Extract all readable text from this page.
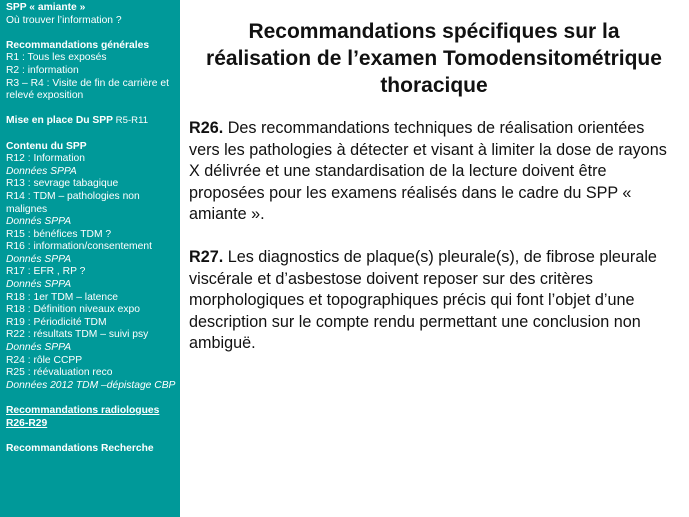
SPP « amiante »
Où trouver l’information ?
Recommandations générales
R1 : Tous les exposés
R2 : information
R3 – R4 : Visite de fin de carrière et relevé exposition
Mise en place Du SPP R5-R11
Contenu du SPP
R12 : Information
Données SPPA
R13 : sevrage tabagique
R14 : TDM – pathologies non malignes
Donnés SPPA
R15 : bénéfices TDM ?
R16 : information/consentement
Donnés SPPA
R17 : EFR , RP ?
Donnés SPPA
R18 : 1er TDM – latence
R18 : Définition niveaux expo
R19 : Périodicité TDM
R22 : résultats TDM – suivi psy
Donnés SPPA
R24 : rôle CCPP
R25 : réévaluation reco
Données 2012 TDM –dépistage CBP
Recommandations radiologues R26-R29
Recommandations Recherche
Recommandations spécifiques sur la
réalisation de l’examen Tomodensitométrique
thoracique

R26. Des recommandations techniques de réalisation orientées vers les pathologies à détecter et visant à limiter la dose de rayons X délivrée et une standardisation de la lecture doivent être proposées pour les examens réalisés dans le cadre du SPP « amiante ».

R27. Les diagnostics de plaque(s) pleurale(s), de fibrose pleurale viscérale et d’asbestose doivent reposer sur des critères morphologiques et topographiques précis qui font l’objet d’une description sur le compte rendu permettant une conclusion non ambiguë.
